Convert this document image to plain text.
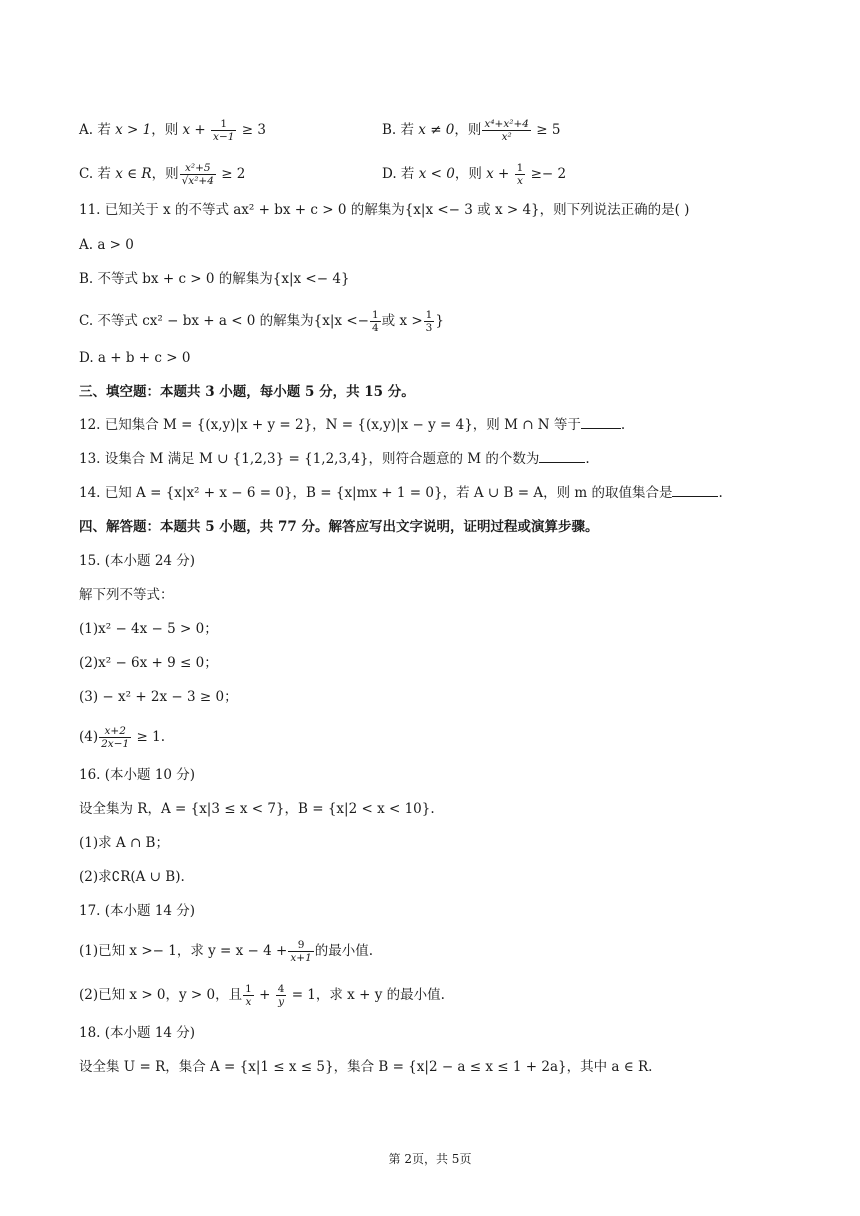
A. 若 x > 1，则 $x + \frac{1}{x-1} \ge 3$	B. 若 x ≠ 0，则 $\frac{\text{x⁴+x²+4}}{\text{x²}} \ge 5$
C. 若 x ∈ R，则 $\frac{\text{x²+5}}{\text{√x²+4}} \ge 2$	D. 若 x < 0，则 $x + \frac{1}{x} \ge- 2$
11. 已知关于 x 的不等式 ax² + bx + c > 0 的解集为{x|x <− 3 或 x > 4}，则下列说法正确的是( )
A. a > 0
B. 不等式 bx + c > 0 的解集为{x|x <− 4}
C. 不等式 cx² − bx + a < 0 的解集为{$x|x <- \frac{1}{4}$ 或 $x > \frac{1}{3}$ }
D. a + b + c > 0
三、填空题：本题共 3 小题，每小题 5 分，共 15 分。
12. 已知集合 M = {(x,y)|x + y = 2}，N = {(x,y)|x − y = 4}，则 M ∩ N 等于	.
13. 设集合 M 满足 M ∪ {1,2,3} = {1,2,3,4}，则符合题意的 M 的个数为	.
14. 已知 A = {x|x² + x − 6 = 0}，B = {x|mx + 1 = 0}，若 A ∪ B = A，则 m 的取值集合是	.
四、解答题：本题共 5 小题，共 77 分。解答应写出文字说明，证明过程或演算步骤。
15. (本小题 24 分)
解下列不等式：
(1)x² − 4x − 5 > 0；
(2)x² − 6x + 9 ≤ 0；
(3) − x² + 2x − 3 ≥ 0；
$(4) \frac{x+2}{2x-1} \ge 1$.
16. (本小题 10 分)
设全集为 R，A = {x|3 ≤ x < 7}，B = {x|2 < x < 10}.
(1)求 A ∩ B；
(2)求∁R(A ∪ B).
17. (本小题 14 分)
(1)已知 x >− 1，求 $y = x - 4 + \frac{9}{x+1}$ 的最小值.
(2)已知 x > 0，y > 0，且 $\frac{1}{x} + \frac{4}{y} = 1$，求 x + y 的最小值.
18. (本小题 14 分)
设全集 U = R，集合 A = {x|1 ≤ x ≤ 5}，集合 B = {x|2 − a ≤ x ≤ 1 + 2a}，其中 a ∈ R.
第 2页，共 5页
